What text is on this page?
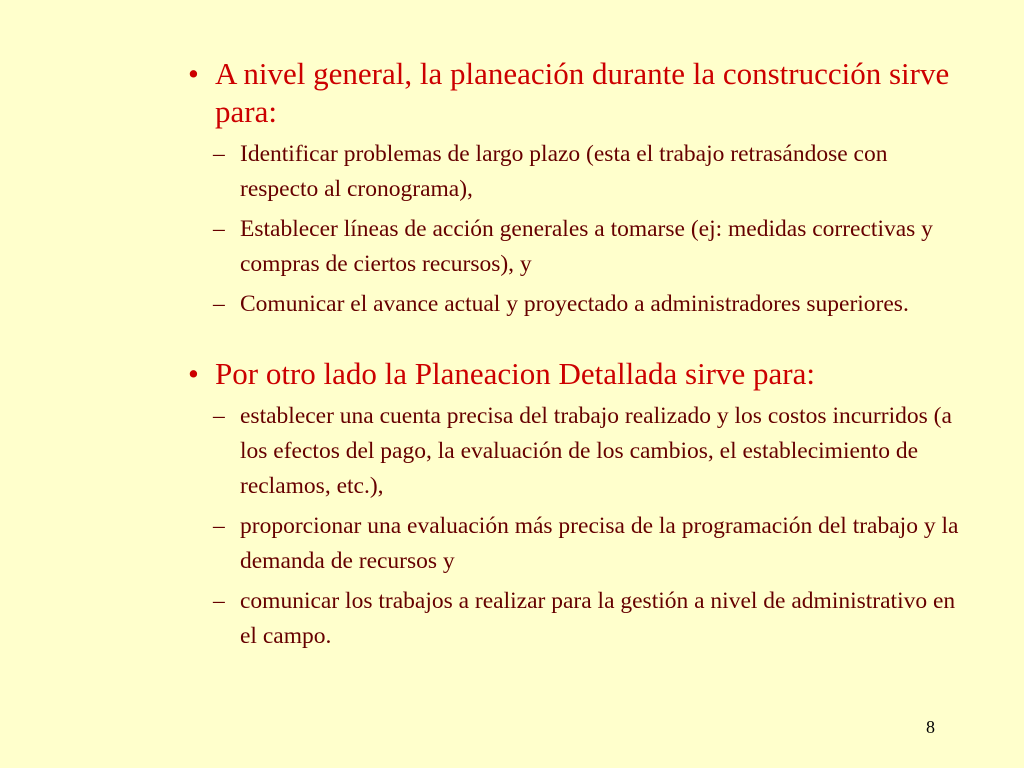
• A nivel general, la planeación durante la construcción sirve para:
– Identificar problemas de largo plazo (esta el trabajo retrasándose con respecto al cronograma),
– Establecer líneas de acción generales a tomarse (ej: medidas correctivas y compras de ciertos recursos), y
– Comunicar el avance actual y proyectado a administradores superiores.
• Por otro lado la Planeacion Detallada sirve para:
– establecer una cuenta precisa del trabajo realizado y los costos incurridos (a los efectos del pago, la evaluación de los cambios, el establecimiento de reclamos, etc.),
– proporcionar una evaluación más precisa de la programación del trabajo y la demanda de recursos y
– comunicar los trabajos a realizar para la gestión a nivel de administrativo en el campo.
8
